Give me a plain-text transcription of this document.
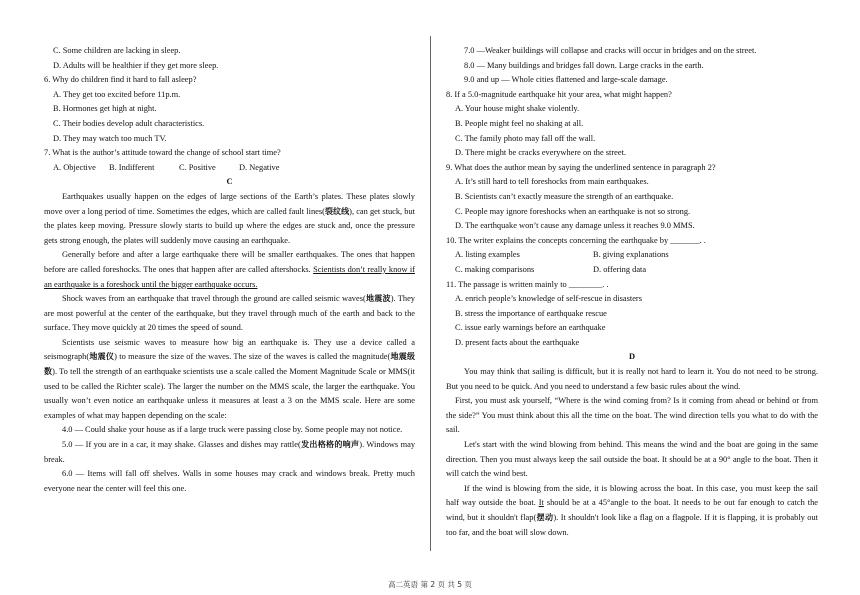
C. Some children are lacking in sleep.

D. Adults will be healthier if they get more sleep.

6. Why do children find it hard to fall asleep?

A. They get too excited before 11p.m.

B. Hormones get high at night.

C. Their bodies develop adult characteristics.

D. They may watch too much TV.

7. What is the author’s attitude toward the change of school start time?

A. Objective	B. Indifferent	C. Positive	D. Negative

C

Earthquakes usually happen on the edges of large sections of the Earth’s plates. These plates slowly move over a long period of time. Sometimes the edges, which are called fault lines(裂纹线), can get stuck, but the plates keep moving. Pressure slowly starts to build up where the edges are stuck and, once the pressure gets strong enough, the plates will suddenly move causing an earthquake.

Generally before and after a large earthquake there will be smaller earthquakes. The ones that happen before are called foreshocks. The ones that happen after are called aftershocks. Scientists don’t really know if an earthquake is a foreshock until the bigger earthquake occurs.

Shock waves from an earthquake that travel through the ground are called seismic waves(地震波). They are most powerful at the center of the earthquake, but they travel through much of the earth and back to the surface. They move quickly at 20 times the speed of sound.

Scientists use seismic waves to measure how big an earthquake is. They use a device called a seismograph(地震仪) to measure the size of the waves. The size of the waves is called the magnitude(地震级数). To tell the strength of an earthquake scientists use a scale called the Moment Magnitude Scale or MMS(it used to be called the Richter scale). The larger the number on the MMS scale, the larger the earthquake. You usually won’t even notice an earthquake unless it measures at least a 3 on the MMS scale. Here are some examples of what may happen depending on the scale:

4.0 — Could shake your house as if a large truck were passing close by. Some people may not notice.

5.0 — If you are in a car, it may shake. Glasses and dishes may rattle(发出格格的响声). Windows may break.

6.0 — Items will fall off shelves. Walls in some houses may crack and windows break. Pretty much everyone near the center will feel this one.

7.0 —Weaker buildings will collapse and cracks will occur in bridges and on the street.

8.0 — Many buildings and bridges fall down. Large cracks in the earth.

9.0 and up — Whole cities flattened and large-scale damage.

8. If a 5.0-magnitude earthquake hit your area, what might happen?

A. Your house might shake violently.

B. People might feel no shaking at all.

C. The family photo may fall off the wall.

D. There might be cracks everywhere on the street.

9. What does the author mean by saying the underlined sentence in paragraph 2?

A. It’s still hard to tell foreshocks from main earthquakes.

B. Scientists can’t exactly measure the strength of an earthquake.

C. People may ignore foreshocks when an earthquake is not so strong.

D. The earthquake won’t cause any damage unless it reaches 9.0 MMS.

10. The writer explains the concepts concerning the earthquake by _______. .

A. listing examples	B. giving explanations
C. making comparisons	D. offering data

11. The passage is written mainly to ________. .

A. enrich people’s knowledge of self-rescue in disasters

B. stress the importance of earthquake rescue

C. issue early warnings before an earthquake

D. present facts about the earthquake

D

You may think that sailing is difficult, but it is really not hard to learn it. You do not need to be strong. But you need to be quick. And you need to understand a few basic rules about the wind.

First, you must ask yourself, “Where is the wind coming from? Is it coming from ahead or behind or from the side?” You must think about this all the time on the boat. The wind direction tells you what to do with the sail.

Let's start with the wind blowing from behind. This means the wind and the boat are going in the same direction. Then you must always keep the sail outside the boat. It should be at a 90° angle to the boat. Then it will catch the wind best.

If the wind is blowing from the side, it is blowing across the boat. In this case, you must keep the sail half way outside the boat. It should be at a 45°angle to the boat. It needs to be out far enough to catch the wind, but it shouldn't flap(摆动). It shouldn't look like a flag on a flagpole. If it is flapping, it is probably out too far, and the boat will slow down.

高二英语 第 2 页 共 5 页
